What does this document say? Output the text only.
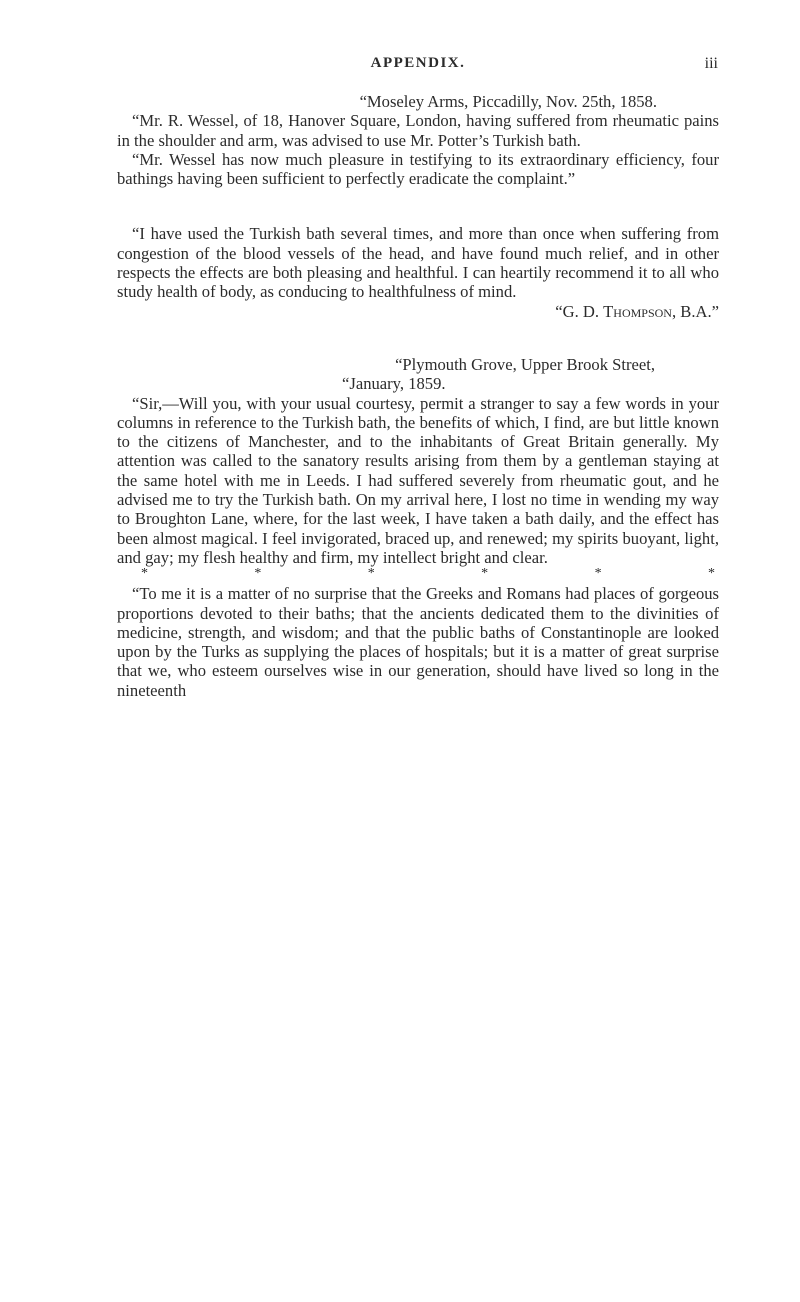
APPENDIX.	iii

“Moseley Arms, Piccadilly, Nov. 25th, 1858.

“Mr. R. Wessel, of 18, Hanover Square, London, having suffered from rheumatic pains in the shoulder and arm, was advised to use Mr. Potter’s Turkish bath.

“Mr. Wessel has now much pleasure in testifying to its extraordinary efficiency, four bathings having been sufficient to perfectly eradicate the complaint.”

“I have used the Turkish bath several times, and more than once when suffering from congestion of the blood vessels of the head, and have found much relief, and in other respects the effects are both pleasing and healthful. I can heartily recommend it to all who study health of body, as conducing to healthfulness of mind.

“G. D. Thompson, B.A.”

“Plymouth Grove, Upper Brook Street,

“January, 1859.

“Sir,—Will you, with your usual courtesy, permit a stranger to say a few words in your columns in reference to the Turkish bath, the benefits of which, I find, are but little known to the citizens of Manchester, and to the inhabitants of Great Britain generally. My attention was called to the sanatory results arising from them by a gentleman staying at the same hotel with me in Leeds. I had suffered severely from rheumatic gout, and he advised me to try the Turkish bath. On my arrival here, I lost no time in wending my way to Broughton Lane, where, for the last week, I have taken a bath daily, and the effect has been almost magical. I feel invigorated, braced up, and renewed; my spirits buoyant, light, and gay; my flesh healthy and firm, my intellect bright and clear.

*	*	*	*	*	*

“To me it is a matter of no surprise that the Greeks and Romans had places of gorgeous proportions devoted to their baths; that the ancients dedicated them to the divinities of medicine, strength, and wisdom; and that the public baths of Constantinople are looked upon by the Turks as supplying the places of hospitals; but it is a matter of great surprise that we, who esteem ourselves wise in our generation, should have lived so long in the nineteenth
